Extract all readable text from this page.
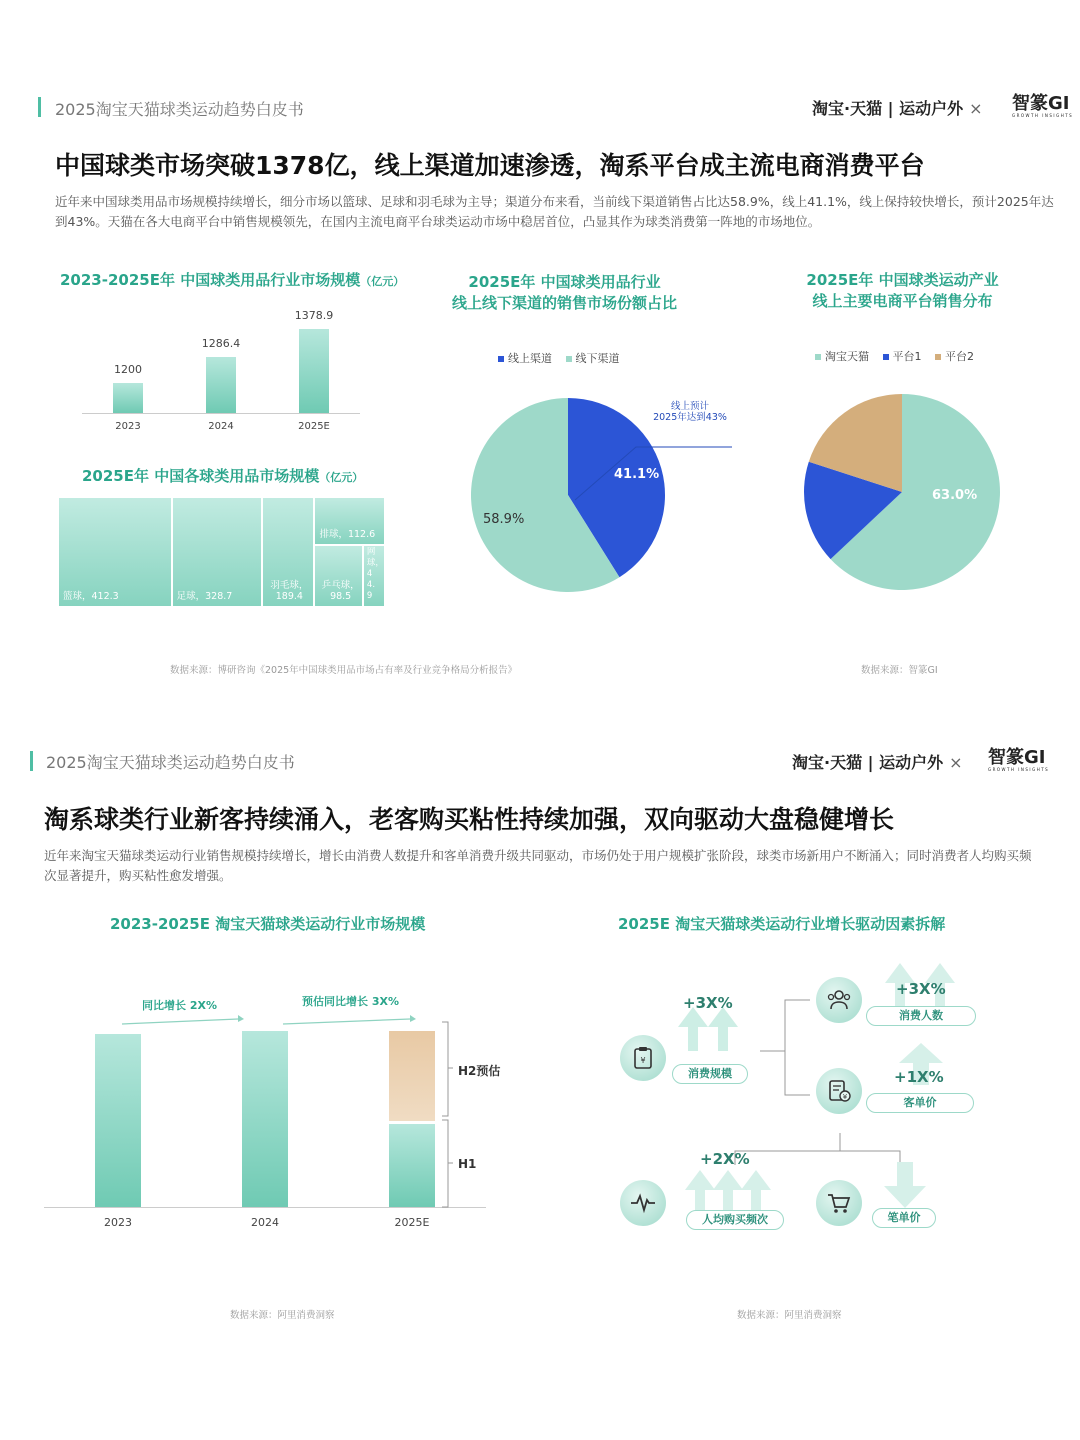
2025淘宝天猫球类运动趋势白皮书	淘宝·天猫 | 运动户外 ×	智篆GI
GROWTH INSIGHTS
中国球类市场突破1378亿，线上渠道加速渗透，淘系平台成主流电商消费平台
近年来中国球类用品市场规模持续增长，细分市场以篮球、足球和羽毛球为主导；渠道分布来看，当前线下渠道销售占比达58.9%，线上41.1%，线上保持较快增长，预计2025年达到43%。天猫在各大电商平台中销售规模领先，在国内主流电商平台球类运动市场中稳居首位，凸显其作为球类消费第一阵地的市场地位。
2023-2025E年 中国球类用品行业市场规模（亿元）
2025E年 中国各球类用品市场规模（亿元）
2025E年 中国球类用品行业
线上线下渠道的销售市场份额占比
线上渠道 线下渠道
线上预计
2025年达到43%
41.1%
58.9%
2025E年 中国球类运动产业
线上主要电商平台销售分布
淘宝天猫 平台1 平台2
63.0%
数据来源：博研咨询《2025年中国球类用品市场占有率及行业竞争格局分析报告》	数据来源：智篆GI
1200
2023
1286.4
2024
1378.9
2025E
篮球，412.3	足球，328.7
羽毛球，189.4
排球，112.6
乒乓球，98.5
网球，44.9
2025淘宝天猫球类运动趋势白皮书	淘宝·天猫 | 运动户外 ×	智篆GI
GROWTH INSIGHTS
淘系球类行业新客持续涌入，老客购买粘性持续加强，双向驱动大盘稳健增长
近年来淘宝天猫球类运动行业销售规模持续增长，增长由消费人数提升和客单消费升级共同驱动，市场仍处于用户规模扩张阶段，球类市场新用户不断涌入；同时消费者人均购买频次显著提升，购买粘性愈发增强。
2023-2025E 淘宝天猫球类运动行业市场规模
同比增长 2X%	预估同比增长 3X%
H2预估
H1
2025E 淘宝天猫球类运动行业增长驱动因素拆解
¥
+3X%
消费规模
+3X%
消费人数
¥
+1X%
客单价
+2X%
人均购买频次	笔单价
数据来源：阿里消费洞察	数据来源：阿里消费洞察
2023	2024	2025E
